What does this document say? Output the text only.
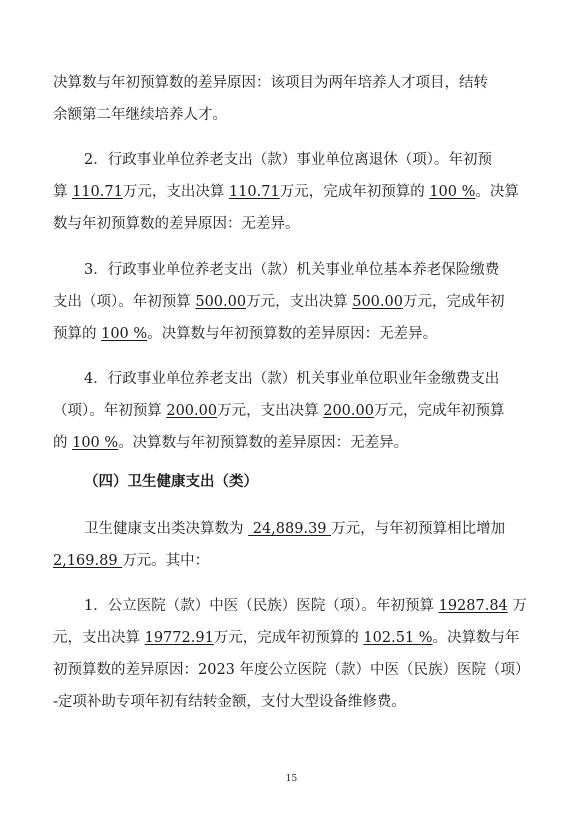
决算数与年初预算数的差异原因：该项目为两年培养人才项目，结转
余额第二年继续培养人才。
2．行政事业单位养老支出（款）事业单位离退休（项）。年初预
算 110.71万元，支出决算 110.71万元，完成年初预算的 100 %。决算
数与年初预算数的差异原因：无差异。
3．行政事业单位养老支出（款）机关事业单位基本养老保险缴费
支出（项）。年初预算 500.00万元，支出决算 500.00万元，完成年初
预算的 100 %。决算数与年初预算数的差异原因：无差异。
4．行政事业单位养老支出（款）机关事业单位职业年金缴费支出
（项）。年初预算 200.00万元，支出决算 200.00万元，完成年初预算
的 100 %。决算数与年初预算数的差异原因：无差异。
（四）卫生健康支出（类）
卫生健康支出类决算数为  24,889.39 万元，与年初预算相比增加
2,169.89 万元。其中：
1．公立医院（款）中医（民族）医院（项）。年初预算 19287.84 万
元，支出决算 19772.91万元，完成年初预算的 102.51 %。决算数与年
初预算数的差异原因：2023 年度公立医院（款）中医（民族）医院（项）
-定项补助专项年初有结转金额，支付大型设备维修费。
15
